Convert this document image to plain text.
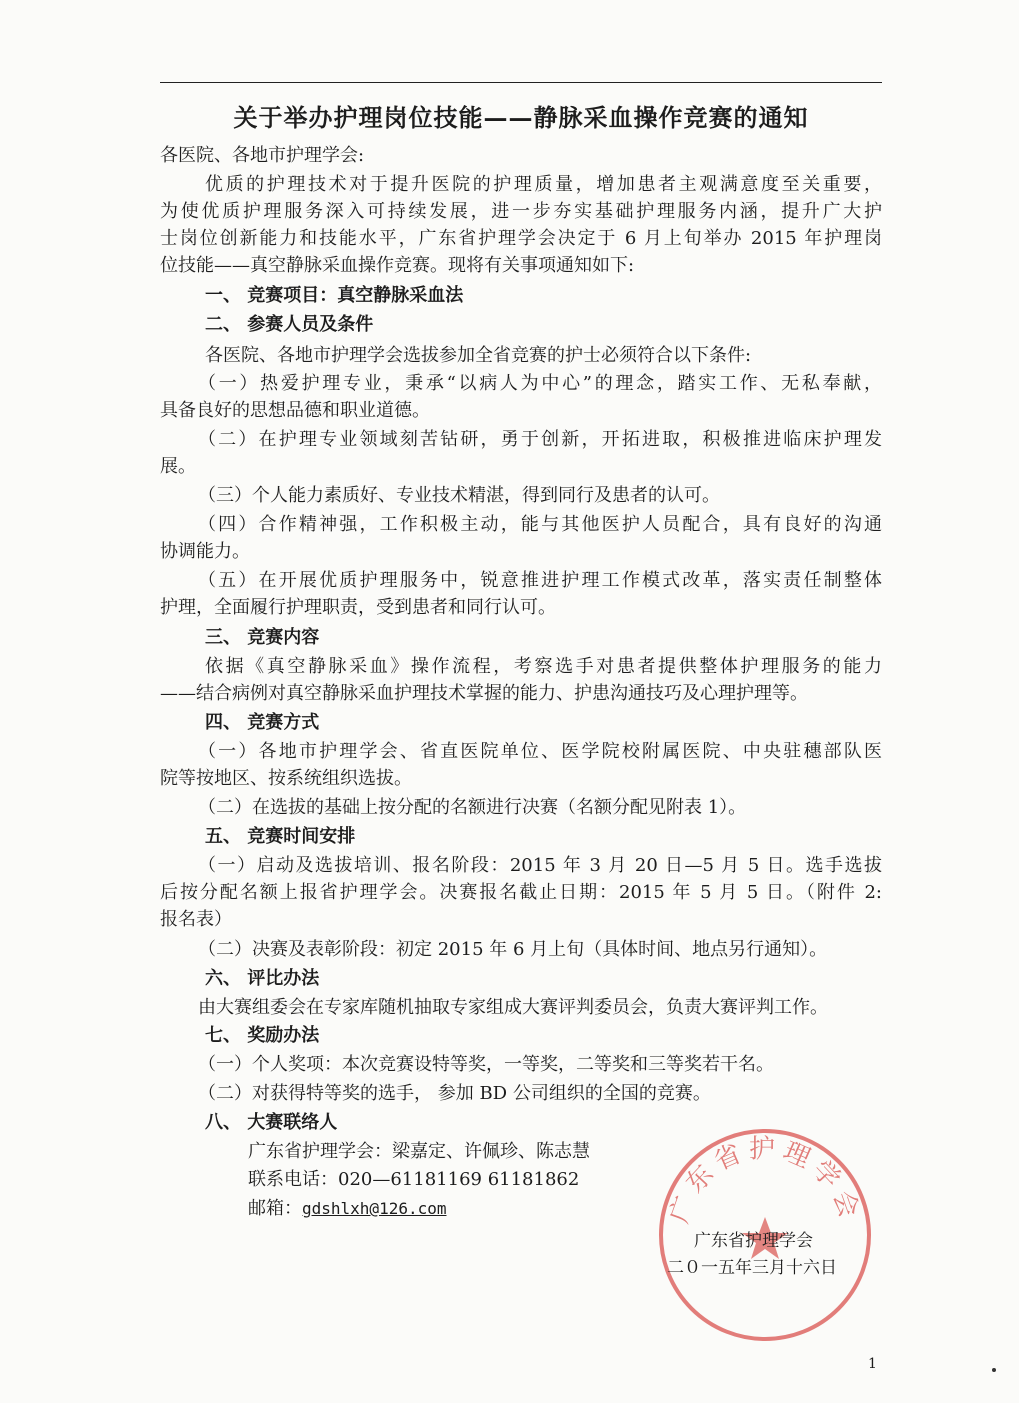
关于举办护理岗位技能——静脉采血操作竞赛的通知

各医院、各地市护理学会:

优质的护理技术对于提升医院的护理质量，增加患者主观满意度至关重要，

为使优质护理服务深入可持续发展，进一步夯实基础护理服务内涵，提升广大护

士岗位创新能力和技能水平，广东省护理学会决定于 6 月上旬举办 2015 年护理岗

位技能——真空静脉采血操作竞赛。现将有关事项通知如下:

一、 竞赛项目：真空静脉采血法

二、 参赛人员及条件

各医院、各地市护理学会选拔参加全省竞赛的护士必须符合以下条件:

（一）热爱护理专业，秉承“以病人为中心”的理念，踏实工作、无私奉献，

具备良好的思想品德和职业道德。

（二）在护理专业领域刻苦钻研，勇于创新，开拓进取，积极推进临床护理发

展。

（三）个人能力素质好、专业技术精湛，得到同行及患者的认可。

（四）合作精神强，工作积极主动，能与其他医护人员配合，具有良好的沟通

协调能力。

（五）在开展优质护理服务中，锐意推进护理工作模式改革，落实责任制整体

护理，全面履行护理职责，受到患者和同行认可。

三、 竞赛内容

依据《真空静脉采血》操作流程，考察选手对患者提供整体护理服务的能力

——结合病例对真空静脉采血护理技术掌握的能力、护患沟通技巧及心理护理等。

四、 竞赛方式

（一）各地市护理学会、省直医院单位、医学院校附属医院、中央驻穗部队医

院等按地区、按系统组织选拔。

（二）在选拔的基础上按分配的名额进行决赛（名额分配见附表 1）。

五、 竞赛时间安排

（一）启动及选拔培训、报名阶段：2015 年 3 月 20 日—5 月 5 日。选手选拔

后按分配名额上报省护理学会。决赛报名截止日期：2015 年 5 月 5 日。（附件 2:

报名表）

（二）决赛及表彰阶段：初定 2015 年 6 月上旬（具体时间、地点另行通知）。

六、 评比办法

由大赛组委会在专家库随机抽取专家组成大赛评判委员会，负责大赛评判工作。

七、 奖励办法

（一）个人奖项：本次竞赛设特等奖，一等奖，二等奖和三等奖若干名。

（二）对获得特等奖的选手， 参加 BD 公司组织的全国的竞赛。

八、 大赛联络人

广东省护理学会：梁嘉定、许佩珍、陈志慧

联系电话：020—61181169 61181862

邮箱：gdshlxh@126.com	广东省护理学会
广东省护理学会
二０一五年三月十六日
1
